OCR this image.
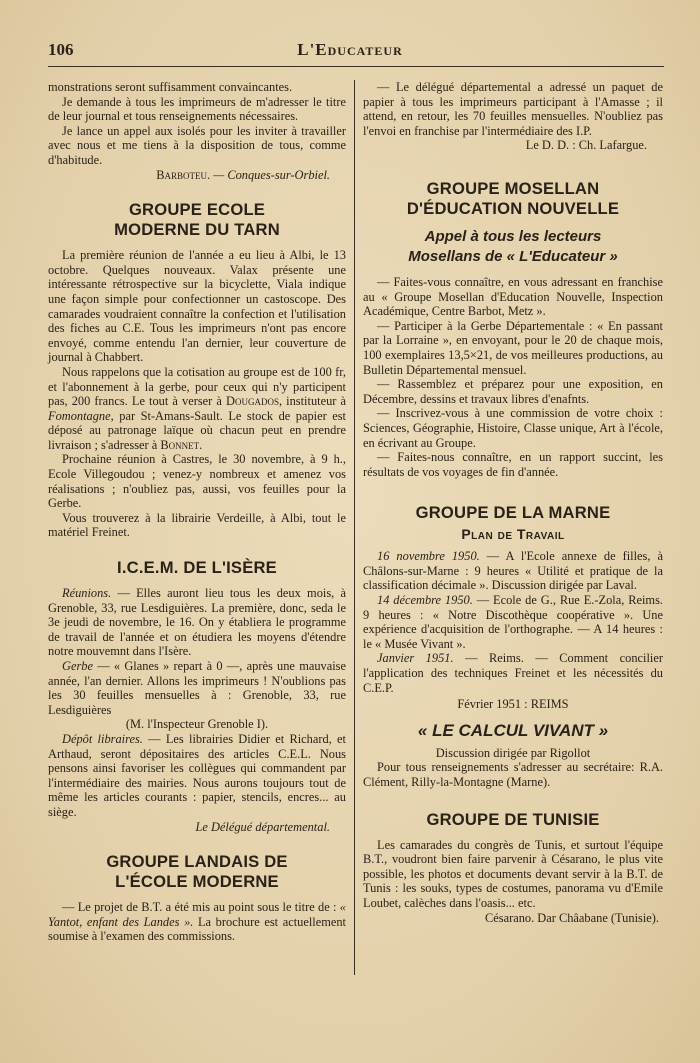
106	L'Educateur

monstrations seront suffisamment convaincantes.

Je demande à tous les imprimeurs de m'adresser le titre de leur journal et tous renseignements nécessaires.

Je lance un appel aux isolés pour les inviter à travailler avec nous et me tiens à la disposition de tous, comme d'habitude.

Barboteu. — Conques-sur-Orbiel.

GROUPE ECOLE MODERNE DU TARN

La première réunion de l'année a eu lieu à Albi, le 13 octobre. Quelques nouveaux. Valax présente une intéressante rétrospective sur la bicyclette, Viala indique une façon simple pour confectionner un castoscope. Des camarades voudraient connaître la confection et l'utilisation des fiches au C.E. Tous les imprimeurs n'ont pas encore envoyé, comme entendu l'an dernier, leur couverture de journal à Chabbert.

Nous rappelons que la cotisation au groupe est de 100 fr, et l'abonnement à la gerbe, pour ceux qui n'y participent pas, 200 francs. Le tout à verser à Dougados, instituteur à Fomontagne, par St-Amans-Sault. Le stock de papier est déposé au patronage laïque où chacun peut en prendre livraison ; s'adresser à Bonnet.

Prochaine réunion à Castres, le 30 novembre, à 9 h., Ecole Villegoudou ; venez-y nombreux et amenez vos réalisations ; n'oubliez pas, aussi, vos feuilles pour la Gerbe.

Vous trouverez à la librairie Verdeille, à Albi, tout le matériel Freinet.

I.C.E.M. DE L'ISÈRE

Réunions. — Elles auront lieu tous les deux mois, à Grenoble, 33, rue Lesdiguières. La première, donc, seda le 3e jeudi de novembre, le 16. On y établiera le programme de travail de l'année et on étudiera les moyens d'étendre notre mouvemnt dans l'Isère.

Gerbe — « Glanes » repart à 0 —, après une mauvaise année, l'an dernier. Allons les imprimeurs ! N'oublions pas les 30 feuilles mensuelles à : Grenoble, 33, rue Lesdiguières

(M. l'Inspecteur Grenoble I).

Dépôt libraires. — Les librairies Didier et Richard, et Arthaud, seront dépositaires des articles C.E.L. Nous pensons ainsi favoriser les collègues qui commandent par l'intermédiaire des mairies. Nous aurons toujours tout de même les articles courants : papier, stencils, encres... au siège.

Le Délégué départemental.

GROUPE LANDAIS DE L'ÉCOLE MODERNE

— Le projet de B.T. a été mis au point sous le titre de : « Yantot, enfant des Landes ». La brochure est actuellement soumise à l'examen des commissions.

— Le délégué départemental a adressé un paquet de papier à tous les imprimeurs participant à l'Amasse ; il attend, en retour, les 70 feuilles mensuelles. N'oubliez pas l'envoi en franchise par l'intermédiaire des I.P.

Le D. D. : Ch. Lafargue.

GROUPE MOSELLAN D'ÉDUCATION NOUVELLE
Appel à tous les lecteurs Mosellans de « L'Educateur »

— Faites-vous connaître, en vous adressant en franchise au « Groupe Mosellan d'Education Nouvelle, Inspection Académique, Centre Barbot, Metz ».

— Participer à la Gerbe Départementale : « En passant par la Lorraine », en envoyant, pour le 20 de chaque mois, 100 exemplaires 13,5×21, de vos meilleures productions, au Bulletin Départemental mensuel.

— Rassemblez et préparez pour une exposition, en Décembre, dessins et travaux libres d'enafnts.

— Inscrivez-vous à une commission de votre choix : Sciences, Géographie, Histoire, Classe unique, Art à l'école, en écrivant au Groupe.

— Faites-nous connaître, en un rapport succint, les résultats de vos voyages de fin d'année.

GROUPE DE LA MARNE
Plan de Travail

16 novembre 1950. — A l'Ecole annexe de filles, à Châlons-sur-Marne : 9 heures « Utilité et pratique de la classification décimale ». Discussion dirigée par Laval.

14 décembre 1950. — Ecole de G., Rue E.-Zola, Reims. 9 heures : « Notre Discothèque coopérative ». Une expérience d'acquisition de l'orthographe. — A 14 heures : le « Musée Vivant ».

Janvier 1951. — Reims. — Comment concilier l'application des techniques Freinet et les nécessités du C.E.P.

Février 1951 : REIMS

« LE CALCUL VIVANT »

Discussion dirigée par Rigollot

Pour tous renseignements s'adresser au secrétaire: R.A. Clément, Rilly-la-Montagne (Marne).

GROUPE DE TUNISIE

Les camarades du congrès de Tunis, et surtout l'équipe B.T., voudront bien faire parvenir à Césarano, le plus vite possible, les photos et documents devant servir à la B.T. de Tunis : les souks, types de costumes, panorama vu d'Emile Loubet, calèches dans l'oasis... etc.

Césarano. Dar Châabane (Tunisie).
